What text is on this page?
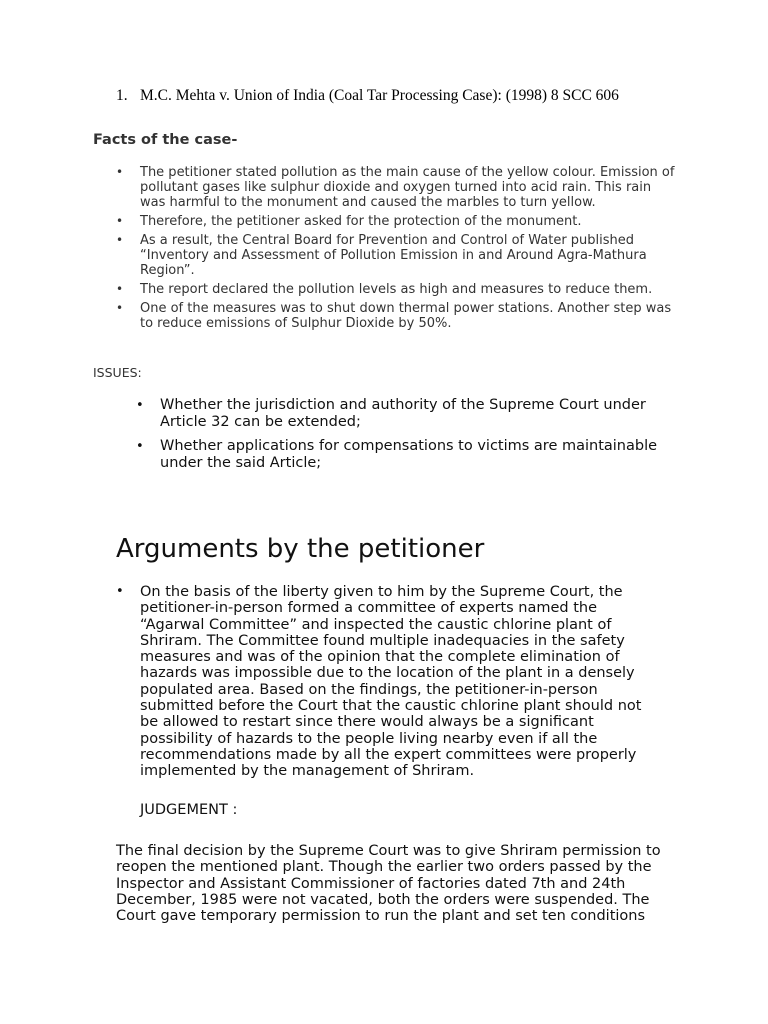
1. M.C. Mehta v. Union of India (Coal Tar Processing Case): (1998) 8 SCC 606
Facts of the case-
• The petitioner stated pollution as the main cause of the yellow colour. Emission of pollutant gases like sulphur dioxide and oxygen turned into acid rain. This rain was harmful to the monument and caused the marbles to turn yellow.
• Therefore, the petitioner asked for the protection of the monument.
• As a result, the Central Board for Prevention and Control of Water published “Inventory and Assessment of Pollution Emission in and Around Agra-Mathura Region”.
• The report declared the pollution levels as high and measures to reduce them.
• One of the measures was to shut down thermal power stations. Another step was to reduce emissions of Sulphur Dioxide by 50%.
ISSUES:
• Whether the jurisdiction and authority of the Supreme Court under Article 32 can be extended;
• Whether applications for compensations to victims are maintainable under the said Article;
Arguments by the petitioner
• On the basis of the liberty given to him by the Supreme Court, the petitioner-in-person formed a committee of experts named the “Agarwal Committee” and inspected the caustic chlorine plant of Shriram. The Committee found multiple inadequacies in the safety measures and was of the opinion that the complete elimination of hazards was impossible due to the location of the plant in a densely populated area. Based on the findings, the petitioner-in-person submitted before the Court that the caustic chlorine plant should not be allowed to restart since there would always be a significant possibility of hazards to the people living nearby even if all the recommendations made by all the expert committees were properly implemented by the management of Shriram.
JUDGEMENT :
The final decision by the Supreme Court was to give Shriram permission to reopen the mentioned plant. Though the earlier two orders passed by the Inspector and Assistant Commissioner of factories dated 7th and 24th December, 1985 were not vacated, both the orders were suspended. The Court gave temporary permission to run the plant and set ten conditions
